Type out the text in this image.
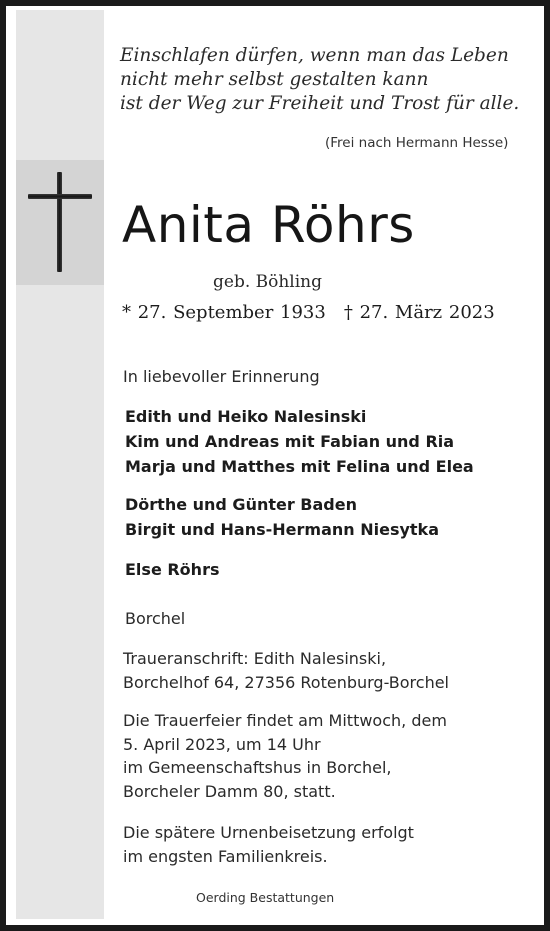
Einschlafen dürfen, wenn man das Leben
nicht mehr selbst gestalten kann
ist der Weg zur Freiheit und Trost für alle.
(Frei nach Hermann Hesse)
Anita Röhrs
geb. Böhling
* 27. September 1933 † 27. März 2023
In liebevoller Erinnerung
Edith und Heiko Nalesinski
Kim und Andreas mit Fabian und Ria
Marja und Matthes mit Felina und Elea
Dörthe und Günter Baden
Birgit und Hans-Hermann Niesytka
Else Röhrs
Borchel
Traueranschrift: Edith Nalesinski,
Borchelhof 64, 27356 Rotenburg-Borchel
Die Trauerfeier findet am Mittwoch, dem
5. April 2023, um 14 Uhr
im Gemeenschaftshus in Borchel,
Borcheler Damm 80, statt.
Die spätere Urnenbeisetzung erfolgt
im engsten Familienkreis.
Oerding Bestattungen
